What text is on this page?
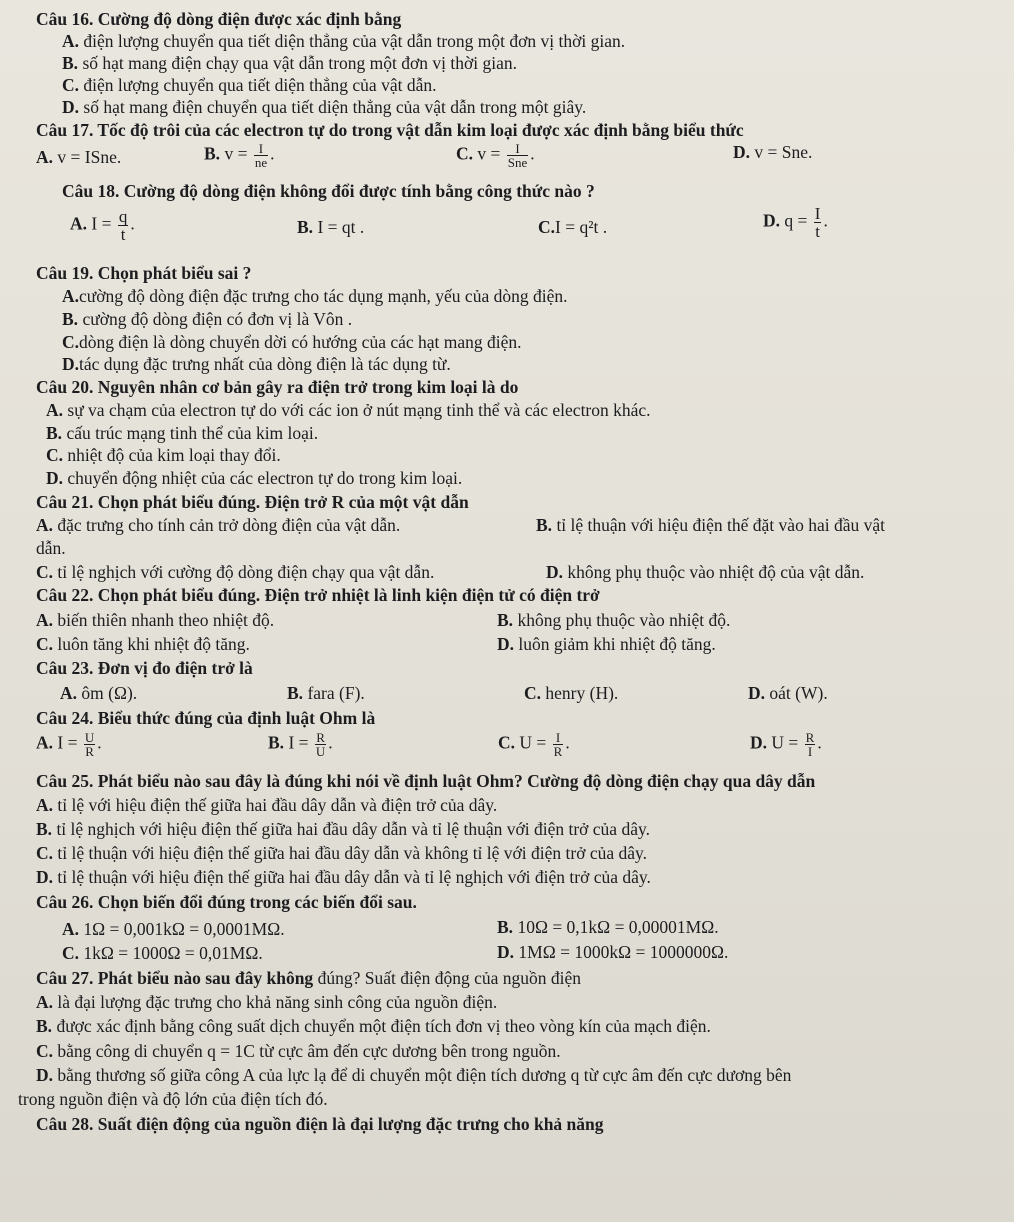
Câu 16. Cường độ dòng điện được xác định bằng
A. điện lượng chuyển qua tiết diện thẳng của vật dẫn trong một đơn vị thời gian.
B. số hạt mang điện chạy qua vật dẫn trong một đơn vị thời gian.
C. điện lượng chuyển qua tiết diện thẳng của vật dẫn.
D. số hạt mang điện chuyển qua tiết diện thẳng của vật dẫn trong một giây.
Câu 17. Tốc độ trôi của các electron tự do trong vật dẫn kim loại được xác định bằng biểu thức
A. v = ISne.	B. $v = \frac{I}{ne}$ .	C. $v = \frac{I}{\text{Sne}}$ .	D. v = Sne.
Câu 18. Cường độ dòng điện không đổi được tính bằng công thức nào ?
A. $I = \frac{q}{t}$ .	B. I = qt .	C.I = q²t .	D. $q = \frac{I}{t}$ .
Câu 19. Chọn phát biểu sai ?
A.cường độ dòng điện đặc trưng cho tác dụng mạnh, yếu của dòng điện.
B. cường độ dòng điện có đơn vị là Vôn .
C.dòng điện là dòng chuyển dời có hướng của các hạt mang điện.
D.tác dụng đặc trưng nhất của dòng điện là tác dụng từ.
Câu 20. Nguyên nhân cơ bản gây ra điện trở trong kim loại là do
A. sự va chạm của electron tự do với các ion ở nút mạng tinh thể và các electron khác.
B. cấu trúc mạng tinh thể của kim loại.
C. nhiệt độ của kim loại thay đổi.
D. chuyển động nhiệt của các electron tự do trong kim loại.
Câu 21. Chọn phát biểu đúng. Điện trở R của một vật dẫn
A. đặc trưng cho tính cản trở dòng điện của vật dẫn.	B. tỉ lệ thuận với hiệu điện thế đặt vào hai đầu vật
dẫn.
C. tỉ lệ nghịch với cường độ dòng điện chạy qua vật dẫn.	D. không phụ thuộc vào nhiệt độ của vật dẫn.
Câu 22. Chọn phát biểu đúng. Điện trở nhiệt là linh kiện điện tử có điện trở
A. biến thiên nhanh theo nhiệt độ.	B. không phụ thuộc vào nhiệt độ.
C. luôn tăng khi nhiệt độ tăng.	D. luôn giảm khi nhiệt độ tăng.
Câu 23. Đơn vị đo điện trở là
A. ôm (Ω).	B. fara (F).	C. henry (H).	D. oát (W).
Câu 24. Biểu thức đúng của định luật Ohm là
A. $I = \frac{U}{R}$ .	B. $I = \frac{R}{U}$ .	C. $U = \frac{I}{R}$ .	D. $U = \frac{R}{I}$ .
Câu 25. Phát biểu nào sau đây là đúng khi nói về định luật Ohm? Cường độ dòng điện chạy qua dây dẫn
A. tỉ lệ với hiệu điện thế giữa hai đầu dây dẫn và điện trở của dây.
B. tỉ lệ nghịch với hiệu điện thế giữa hai đầu dây dẫn và tỉ lệ thuận với điện trở của dây.
C. tỉ lệ thuận với hiệu điện thế giữa hai đầu dây dẫn và không tỉ lệ với điện trở của dây.
D. tỉ lệ thuận với hiệu điện thế giữa hai đầu dây dẫn và tỉ lệ nghịch với điện trở của dây.
Câu 26. Chọn biến đổi đúng trong các biến đổi sau.
A. 1Ω = 0,001kΩ = 0,0001MΩ.	B. 10Ω = 0,1kΩ = 0,00001MΩ.
C. 1kΩ = 1000Ω = 0,01MΩ.	D. 1MΩ = 1000kΩ = 1000000Ω.
Câu 27. Phát biểu nào sau đây không đúng? Suất điện động của nguồn điện
A. là đại lượng đặc trưng cho khả năng sinh công của nguồn điện.
B. được xác định bằng công suất dịch chuyển một điện tích đơn vị theo vòng kín của mạch điện.
C. bằng công di chuyển q = 1C từ cực âm đến cực dương bên trong nguồn.
D. bằng thương số giữa công A của lực lạ để di chuyển một điện tích dương q từ cực âm đến cực dương bên
trong nguồn điện và độ lớn của điện tích đó.
Câu 28. Suất điện động của nguồn điện là đại lượng đặc trưng cho khả năng
